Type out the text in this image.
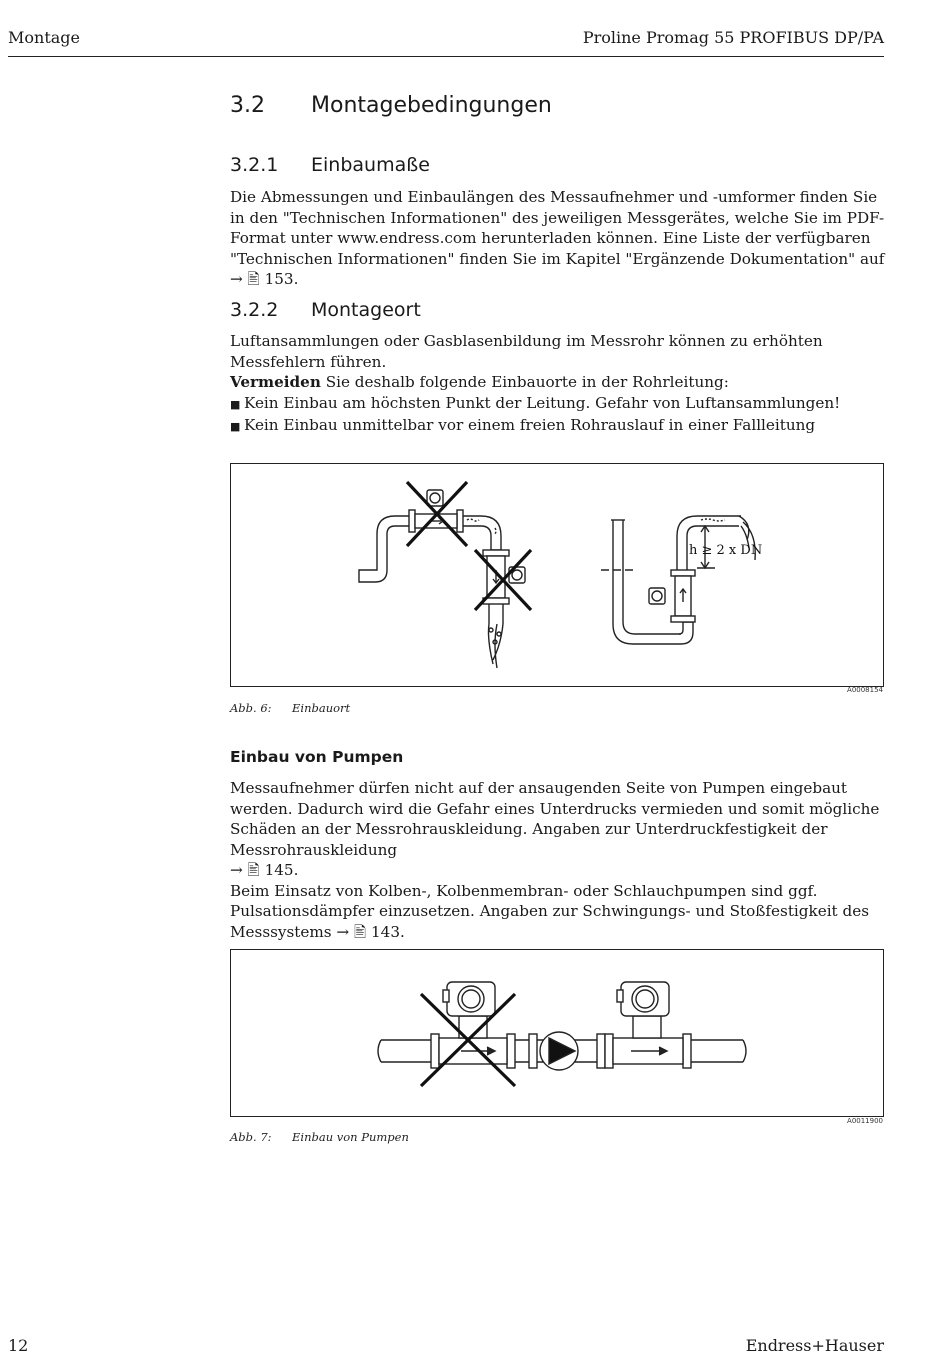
Montage	Proline Promag 55 PROFIBUS DP/PA
3.2 Montagebedingungen
3.2.1 Einbaumaße

Die Abmessungen und Einbaulängen des Messaufnehmer und -umformer finden Sie in den "Technischen Informationen" des jeweiligen Messgerätes, welche Sie im PDF-Format unter www.endress.com herunterladen können. Eine Liste der verfügbaren "Technischen Informationen" finden Sie im Kapitel "Ergänzende Dokumentation" auf → 🖹 153.

3.2.2 Montageort

Luftansammlungen oder Gasblasenbildung im Messrohr können zu erhöhten Messfehlern führen.

Vermeiden Sie deshalb folgende Einbauorte in der Rohrleitung:

■ Kein Einbau am höchsten Punkt der Leitung. Gefahr von Luftansammlungen!

■ Kein Einbau unmittelbar vor einem freien Rohrauslauf in einer Fallleitung

h ≥ 2 x DN
A0008154
Abb. 6: Einbauort
Einbau von Pumpen

Messaufnehmer dürfen nicht auf der ansaugenden Seite von Pumpen eingebaut werden. Dadurch wird die Gefahr eines Unterdrucks vermieden und somit mögliche Schäden an der Messrohrauskleidung. Angaben zur Unterdruckfestigkeit der Messrohrauskleidung
→ 🖹 145.

Beim Einsatz von Kolben-, Kolbenmembran- oder Schlauchpumpen sind ggf. Pulsationsdämpfer einzusetzen. Angaben zur Schwingungs- und Stoßfestigkeit des Messsystems → 🖹 143.

A0011900
Abb. 7: Einbau von Pumpen
12	Endress+Hauser
